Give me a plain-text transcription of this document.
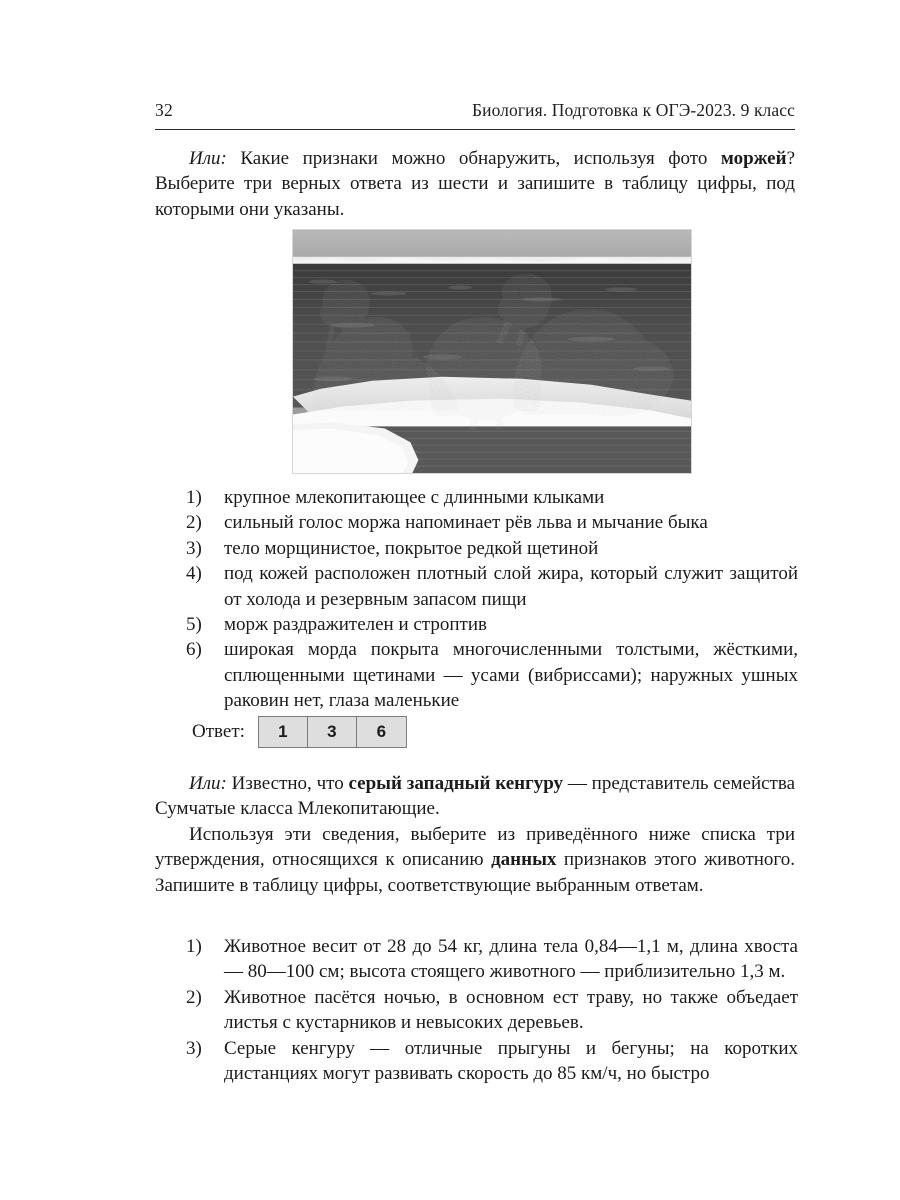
32	Биология. Подготовка к ОГЭ-2023. 9 класс

Или: Какие признаки можно обнаружить, используя фото моржей? Выберите три верных ответа из шести и запишите в таблицу цифры, под которыми они указаны.

1)	крупное млекопитающее с длинными клыками
2)	сильный голос моржа напоминает рёв льва и мычание быка
3)	тело морщинистое, покрытое редкой щетиной
4)	под кожей расположен плотный слой жира, который служит защитой от холода и резервным запасом пищи
5)	морж раздражителен и строптив
6)	широкая морда покрыта многочисленными толстыми, жёсткими, сплющенными щетинами — усами (вибриссами); наружных ушных раковин нет, глаза маленькие
Ответ:	1	3	6

Или: Известно, что серый западный кенгуру — представитель семейства Сумчатые класса Млекопитающие.

Используя эти сведения, выберите из приведённого ниже списка три утверждения, относящихся к описанию данных признаков этого животного. Запишите в таблицу цифры, соответствующие выбранным ответам.

1)	Животное весит от 28 до 54 кг, длина тела 0,84—1,1 м, длина хвоста — 80—100 см; высота стоящего животного — приблизительно 1,3 м.
2)	Животное пасётся ночью, в основном ест траву, но также объедает листья с кустарников и невысоких деревьев.
3)	Серые кенгуру — отличные прыгуны и бегуны; на коротких дистанциях могут развивать скорость до 85 км/ч, но быстро
